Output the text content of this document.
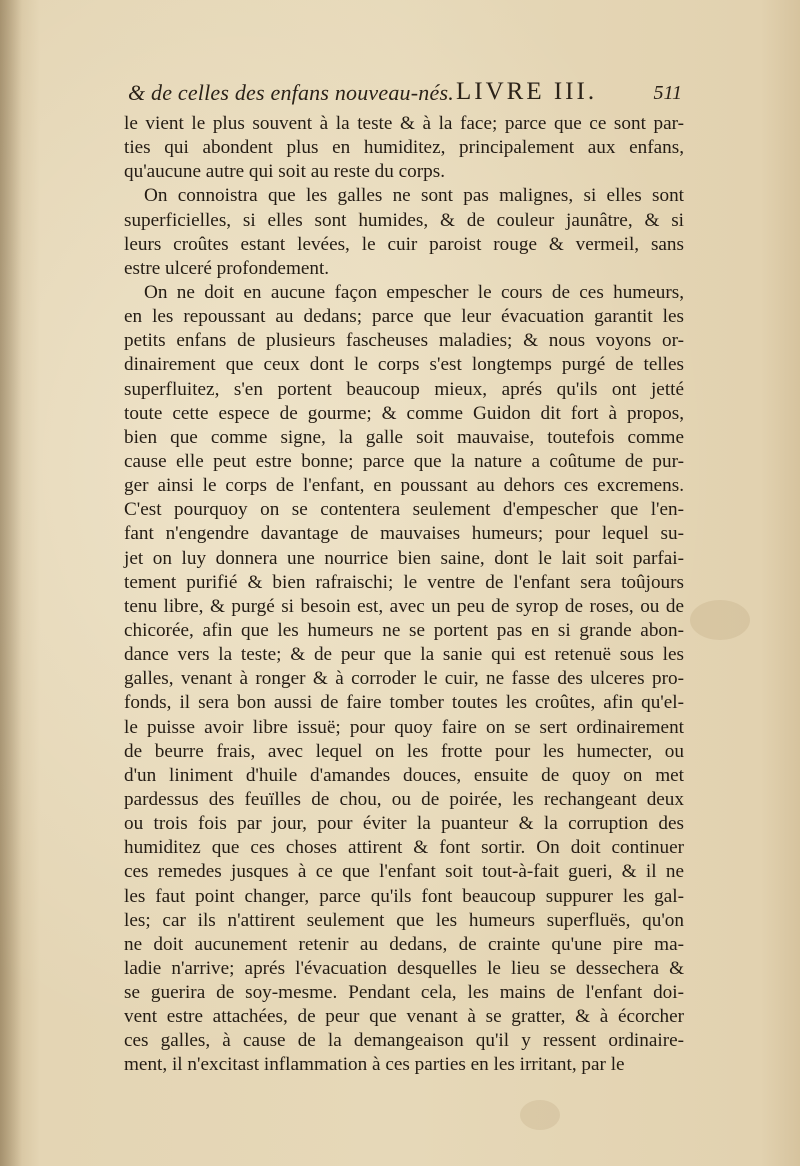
& de celles des enfans nouveau-nés. LIVRE III.	511
le vient le plus souvent à la teste & à la face; parce que ce sont par-
ties qui abondent plus en humiditez, principalement aux enfans,
qu'aucune autre qui soit au reste du corps.
On connoistra que les galles ne sont pas malignes, si elles sont
superficielles, si elles sont humides, & de couleur jaunâtre, & si
leurs croûtes estant levées, le cuir paroist rouge & vermeil, sans
estre ulceré profondement.
On ne doit en aucune façon empescher le cours de ces humeurs,
en les repoussant au dedans; parce que leur évacuation garantit les
petits enfans de plusieurs fascheuses maladies; & nous voyons or-
dinairement que ceux dont le corps s'est longtemps purgé de telles
superfluitez, s'en portent beaucoup mieux, aprés qu'ils ont jetté
toute cette espece de gourme; & comme Guidon dit fort à propos,
bien que comme signe, la galle soit mauvaise, toutefois comme
cause elle peut estre bonne; parce que la nature a coûtume de pur-
ger ainsi le corps de l'enfant, en poussant au dehors ces excremens.
C'est pourquoy on se contentera seulement d'empescher que l'en-
fant n'engendre davantage de mauvaises humeurs; pour lequel su-
jet on luy donnera une nourrice bien saine, dont le lait soit parfai-
tement purifié & bien rafraischi; le ventre de l'enfant sera toûjours
tenu libre, & purgé si besoin est, avec un peu de syrop de roses, ou de
chicorée, afin que les humeurs ne se portent pas en si grande abon-
dance vers la teste; & de peur que la sanie qui est retenuë sous les
galles, venant à ronger & à corroder le cuir, ne fasse des ulceres pro-
fonds, il sera bon aussi de faire tomber toutes les croûtes, afin qu'el-
le puisse avoir libre issuë; pour quoy faire on se sert ordinairement
de beurre frais, avec lequel on les frotte pour les humecter, ou
d'un liniment d'huile d'amandes douces, ensuite de quoy on met
pardessus des feuïlles de chou, ou de poirée, les rechangeant deux
ou trois fois par jour, pour éviter la puanteur & la corruption des
humiditez que ces choses attirent & font sortir. On doit continuer
ces remedes jusques à ce que l'enfant soit tout-à-fait gueri, & il ne
les faut point changer, parce qu'ils font beaucoup suppurer les gal-
les; car ils n'attirent seulement que les humeurs superfluës, qu'on
ne doit aucunement retenir au dedans, de crainte qu'une pire ma-
ladie n'arrive; aprés l'évacuation desquelles le lieu se dessechera &
se guerira de soy-mesme. Pendant cela, les mains de l'enfant doi-
vent estre attachées, de peur que venant à se gratter, & à écorcher
ces galles, à cause de la demangeaison qu'il y ressent ordinaire-
ment, il n'excitast inflammation à ces parties en les irritant, par le
